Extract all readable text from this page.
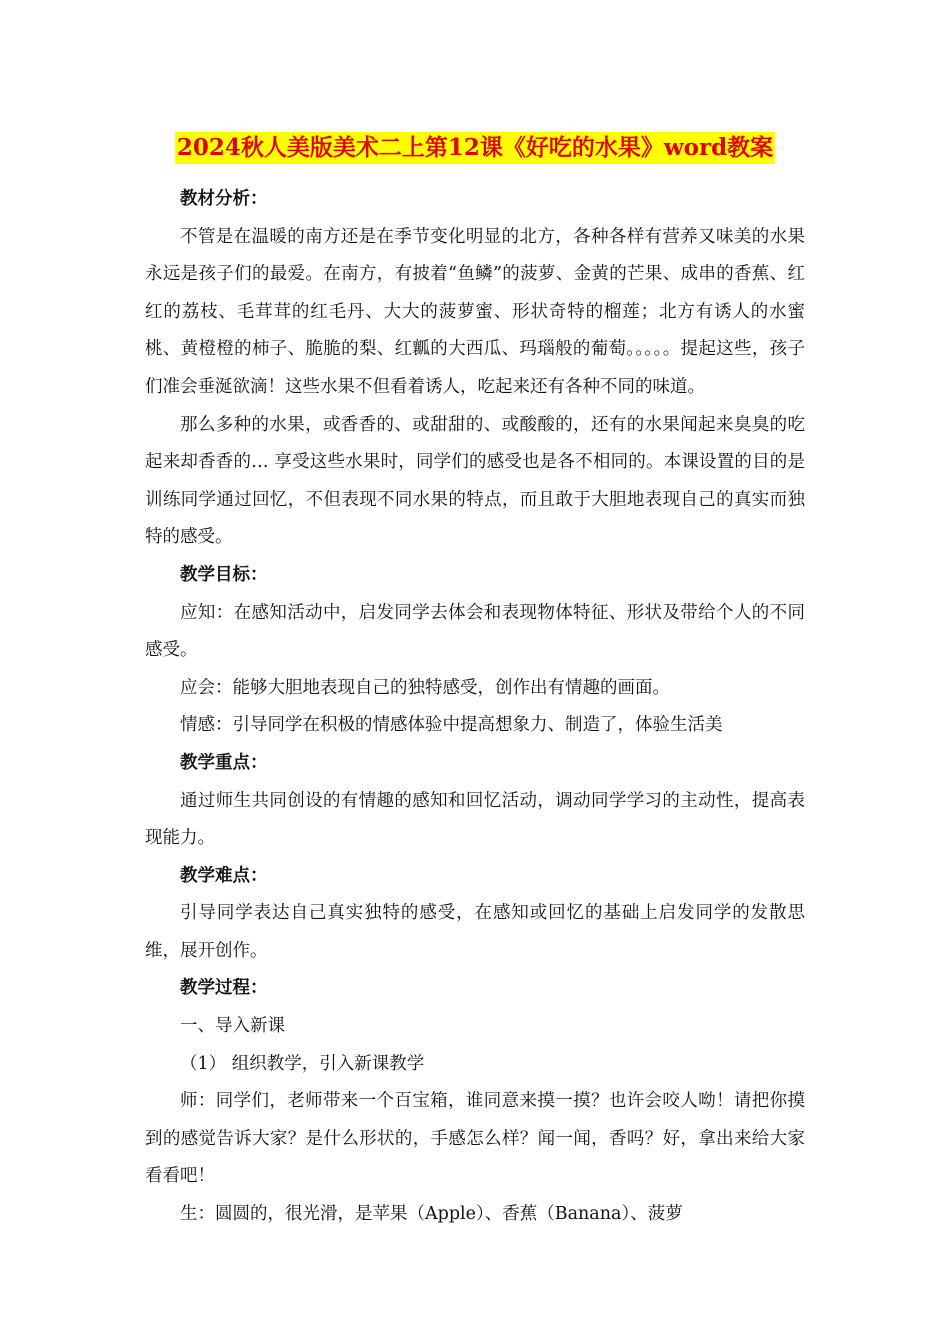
2024秋人美版美术二上第12课《好吃的水果》word教案

教材分析：

不管是在温暖的南方还是在季节变化明显的北方，各种各样有营养又味美的水果永远是孩子们的最爱。在南方，有披着“鱼鳞”的菠萝、金黄的芒果、成串的香蕉、红红的荔枝、毛茸茸的红毛丹、大大的菠萝蜜、形状奇特的榴莲；北方有诱人的水蜜桃、黄橙橙的柿子、脆脆的梨、红瓤的大西瓜、玛瑙般的葡萄。。。。。提起这些，孩子们准会垂涎欲滴！这些水果不但看着诱人，吃起来还有各种不同的味道。

那么多种的水果，或香香的、或甜甜的、或酸酸的，还有的水果闻起来臭臭的吃起来却香香的… 享受这些水果时，同学们的感受也是各不相同的。本课设置的目的是训练同学通过回忆，不但表现不同水果的特点，而且敢于大胆地表现自己的真实而独特的感受。

教学目标：

应知：在感知活动中，启发同学去体会和表现物体特征、形状及带给个人的不同感受。

应会：能够大胆地表现自己的独特感受，创作出有情趣的画面。

情感：引导同学在积极的情感体验中提高想象力、制造了，体验生活美

教学重点：

通过师生共同创设的有情趣的感知和回忆活动，调动同学学习的主动性，提高表现能力。

教学难点：

引导同学表达自己真实独特的感受，在感知或回忆的基础上启发同学的发散思维，展开创作。

教学过程：

一、导入新课

（1） 组织教学，引入新课教学

师：同学们，老师带来一个百宝箱，谁同意来摸一摸？也许会咬人呦！请把你摸到的感觉告诉大家？是什么形状的，手感怎么样？闻一闻，香吗？好，拿出来给大家看看吧！

生：圆圆的，很光滑，是苹果（Apple）、香蕉（Banana）、菠萝
